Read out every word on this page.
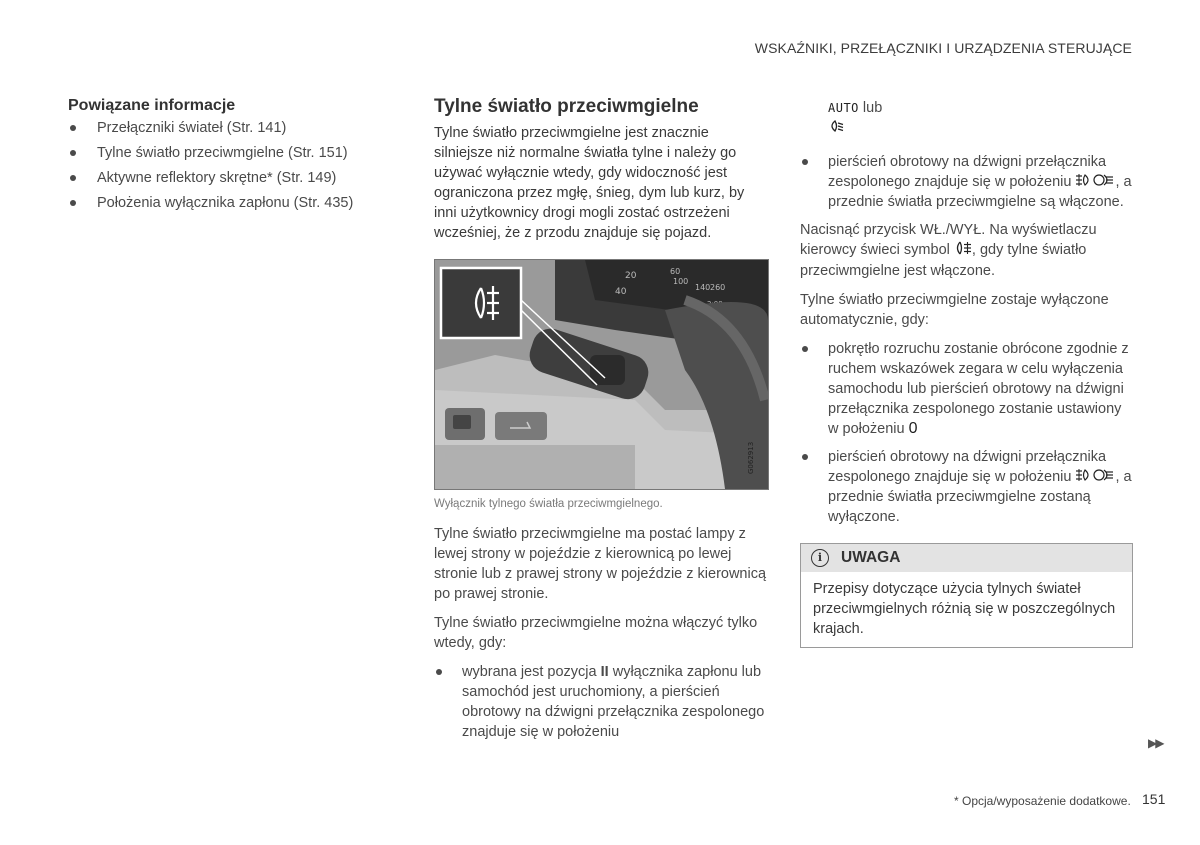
WSKAŹNIKI, PRZEŁĄCZNIKI I URZĄDZENIA STERUJĄCE
Powiązane informacje
Przełączniki świateł (Str. 141)
Tylne światło przeciwmgielne (Str. 151)
Aktywne reflektory skrętne* (Str. 149)
Położenia wyłącznika zapłonu (Str. 435)
Tylne światło przeciwmgielne

Tylne światło przeciwmgielne jest znacznie silniejsze niż normalne światła tylne i należy go używać wyłącznie wtedy, gdy widoczność jest ograniczona przez mgłę, śnieg, dym lub kurz, by inni użytkownicy drogi mogli zostać ostrzeżeni wcześniej, że z przodu znajduje się pojazd.

20
40
60
100
140 260
G062913
Wyłącznik tylnego światła przeciwmgielnego.

Tylne światło przeciwmgielne ma postać lampy z lewej strony w pojeździe z kierownicą po lewej stronie lub z prawej strony w pojeździe z kierownicą po prawej stronie.

Tylne światło przeciwmgielne można włączyć tylko wtedy, gdy:

wybrana jest pozycja II wyłącznika zapłonu lub samochód jest uruchomiony, a pierścień obrotowy na dźwigni przełącznika zespolonego znajduje się w położeniu
AUTO lub

pierścień obrotowy na dźwigni przełącznika zespolonego znajduje się w położeniu	, a przednie światła przeciwmgielne są włączone.

Nacisnąć przycisk WŁ./WYŁ. Na wyświetlaczu kierowcy świeci symbol , gdy tylne światło przeciwmgielne jest włączone.

Tylne światło przeciwmgielne zostaje wyłączone automatycznie, gdy:

pokrętło rozruchu zostanie obrócone zgodnie z ruchem wskazówek zegara w celu wyłączenia samochodu lub pierścień obrotowy na dźwigni przełącznika zespolonego zostanie ustawiony w położeniu 0
pierścień obrotowy na dźwigni przełącznika zespolonego znajduje się w położeniu	, a przednie światła przeciwmgielne zostaną wyłączone.
i	UWAGA
Przepisy dotyczące użycia tylnych świateł przeciwmgielnych różnią się w poszczególnych krajach.
▶▶
* Opcja/wyposażenie dodatkowe. 151
